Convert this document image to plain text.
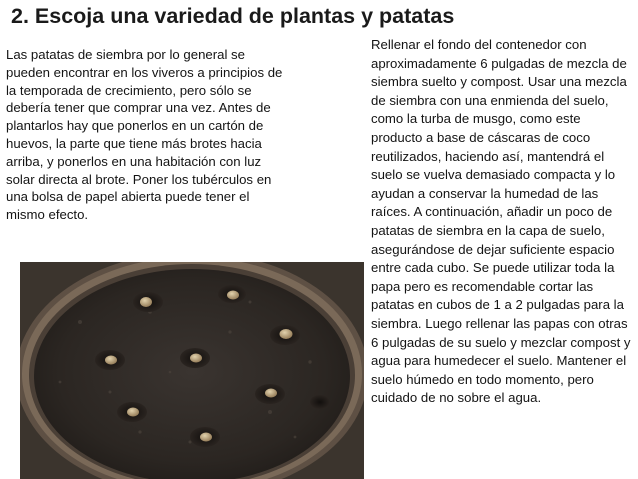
2. Escoja una variedad de plantas y patatas

Las patatas de siembra por lo general se pueden encontrar en los viveros a principios de la temporada de crecimiento, pero sólo se debería tener que comprar una vez. Antes de plantarlos hay que ponerlos en un cartón de huevos, la parte que tiene más brotes hacia arriba, y ponerlos en una habitación con luz solar directa al brote. Poner los tubérculos en una bolsa de papel abierta puede tener el mismo efecto.

Rellenar el fondo del contenedor con aproximadamente 6 pulgadas de mezcla de siembra suelto y compost. Usar una mezcla de siembra con una enmienda del suelo, como la turba de musgo, como este producto a base de cáscaras de coco reutilizados, haciendo así, mantendrá el suelo se vuelva demasiado compacta y lo ayudan a conservar la humedad de las raíces. A continuación, añadir un poco de patatas de siembra en la capa de suelo, asegurándose de dejar suficiente espacio entre cada cubo. Se puede utilizar toda la papa pero es recomendable cortar las patatas en cubos de 1 a 2 pulgadas para la siembra. Luego rellenar las papas con otras 6 pulgadas de su suelo y mezclar compost y agua para humedecer el suelo. Mantener el suelo húmedo en todo momento, pero cuidado de no sobre el agua.
